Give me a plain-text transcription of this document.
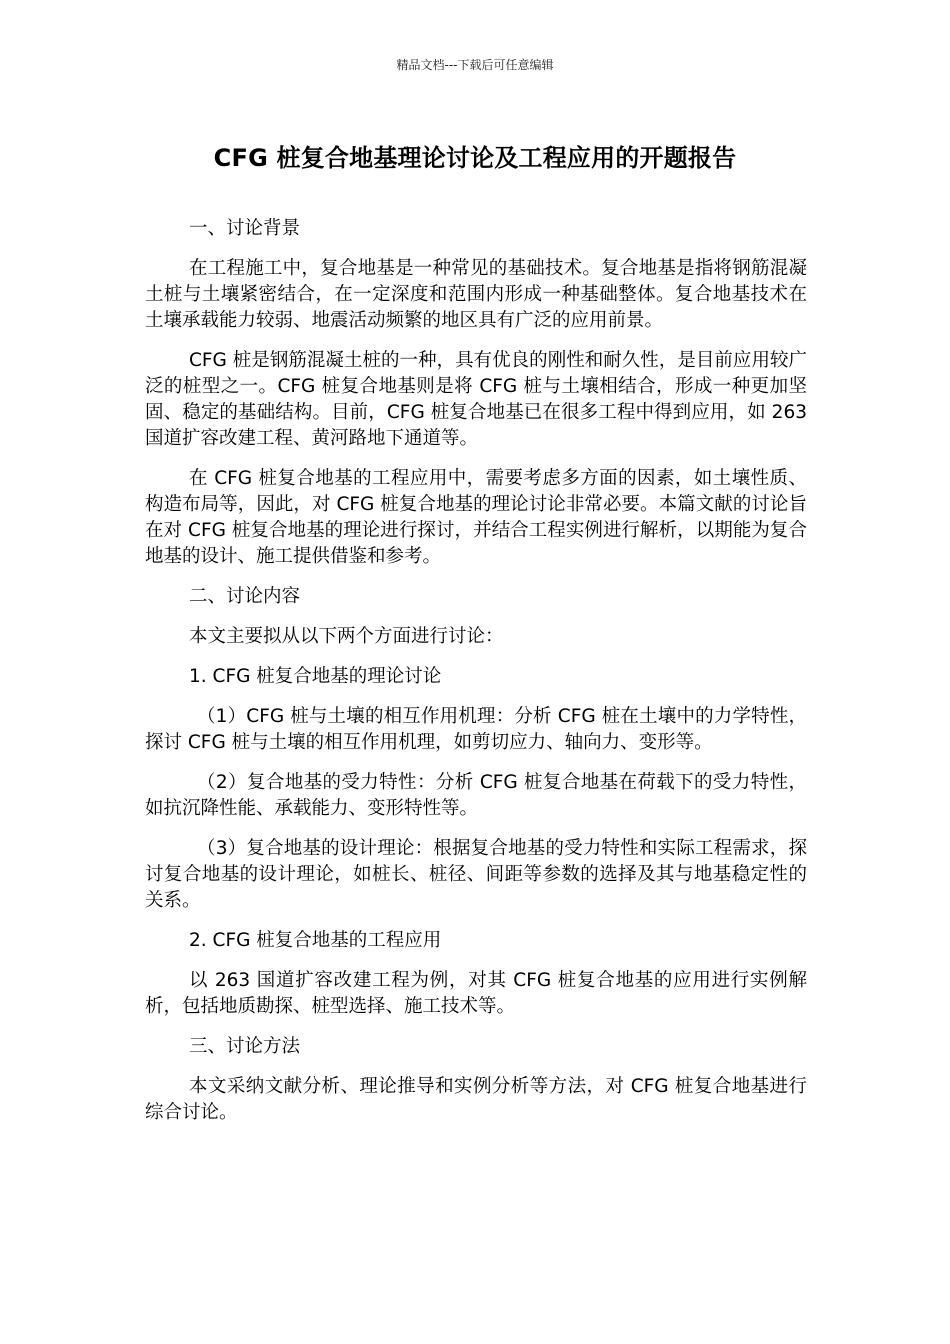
精品文档---下载后可任意编辑
CFG 桩复合地基理论讨论及工程应用的开题报告

一、讨论背景

在工程施工中，复合地基是一种常见的基础技术。复合地基是指将钢筋混凝土桩与土壤紧密结合，在一定深度和范围内形成一种基础整体。复合地基技术在土壤承载能力较弱、地震活动频繁的地区具有广泛的应用前景。

CFG 桩是钢筋混凝土桩的一种，具有优良的刚性和耐久性，是目前应用较广泛的桩型之一。CFG 桩复合地基则是将 CFG 桩与土壤相结合，形成一种更加坚固、稳定的基础结构。目前，CFG 桩复合地基已在很多工程中得到应用，如 263 国道扩容改建工程、黄河路地下通道等。

在 CFG 桩复合地基的工程应用中，需要考虑多方面的因素，如土壤性质、构造布局等，因此，对 CFG 桩复合地基的理论讨论非常必要。本篇文献的讨论旨在对 CFG 桩复合地基的理论进行探讨，并结合工程实例进行解析，以期能为复合地基的设计、施工提供借鉴和参考。

二、讨论内容

本文主要拟从以下两个方面进行讨论：

1. CFG 桩复合地基的理论讨论

（1）CFG 桩与土壤的相互作用机理：分析 CFG 桩在土壤中的力学特性，探讨 CFG 桩与土壤的相互作用机理，如剪切应力、轴向力、变形等。

（2）复合地基的受力特性：分析 CFG 桩复合地基在荷载下的受力特性，如抗沉降性能、承载能力、变形特性等。

（3）复合地基的设计理论：根据复合地基的受力特性和实际工程需求，探讨复合地基的设计理论，如桩长、桩径、间距等参数的选择及其与地基稳定性的关系。

2. CFG 桩复合地基的工程应用

以 263 国道扩容改建工程为例，对其 CFG 桩复合地基的应用进行实例解析，包括地质勘探、桩型选择、施工技术等。

三、讨论方法

本文采纳文献分析、理论推导和实例分析等方法，对 CFG 桩复合地基进行综合讨论。
